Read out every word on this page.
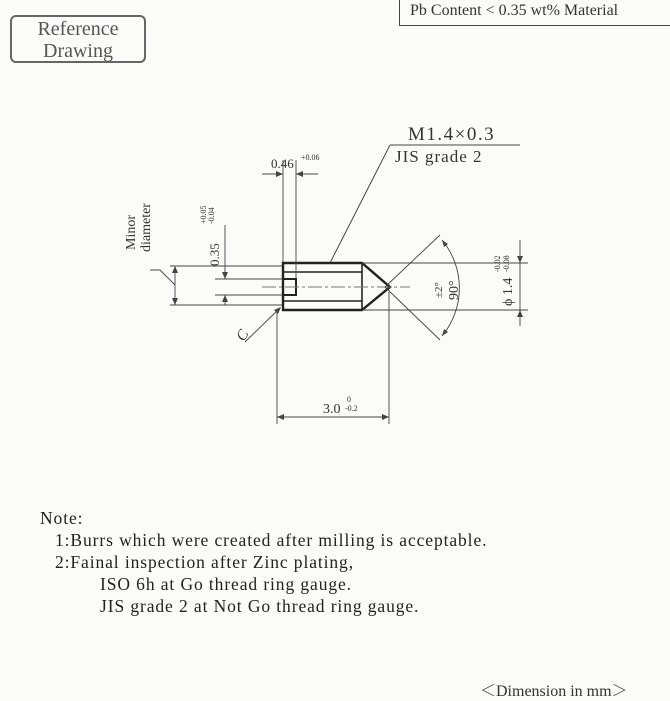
Reference
Drawing
Pb Content < 0.35 wt% Material
M1.4×0.3
JIS grade 2
0.46 +0.06
Minor diameter
0.35
+0.05 -0.04
90°
±2°	ϕ 1.4
-0.02 -0.08
C
3.0
0
-0.2
Note:
1:Burrs which were created after milling is acceptable.
2:Fainal inspection after Zinc plating,
ISO 6h at Go thread ring gauge.
JIS grade 2 at Not Go thread ring gauge.
＜Dimension in mm＞
